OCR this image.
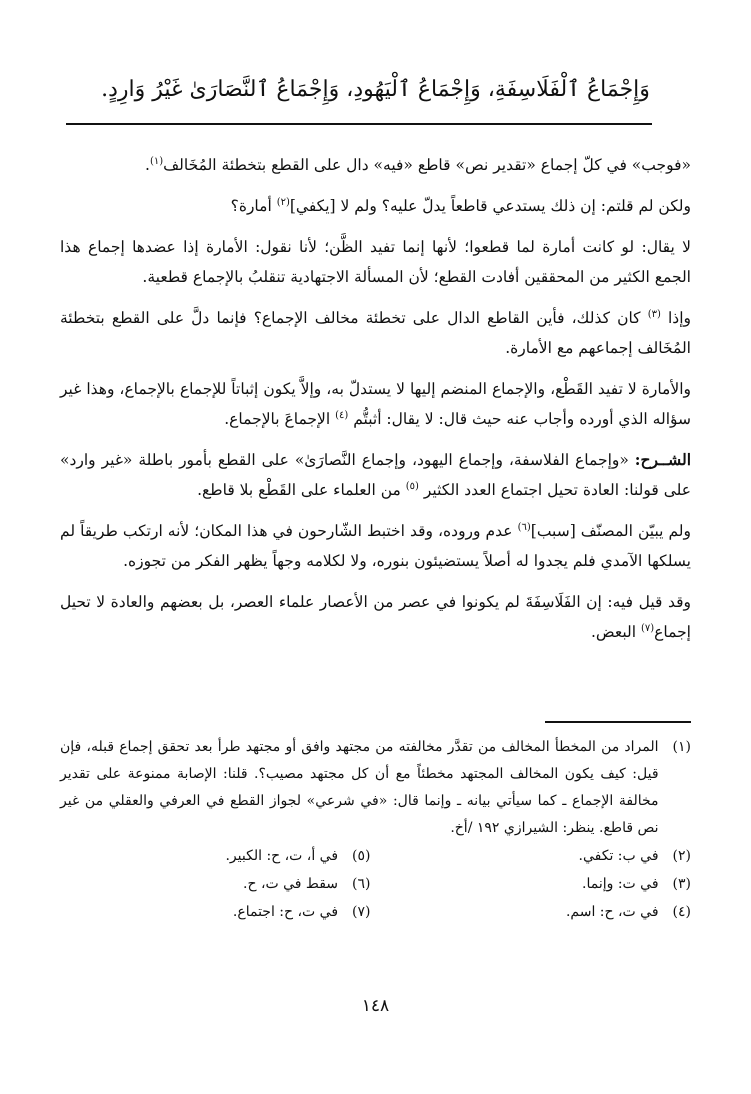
وَإِجْمَاعُ ٱلْفَلَاسِفَةِ، وَإِجْمَاعُ ٱلْيَهُودِ، وَإِجْمَاعُ ٱلنَّصَارَىٰ غَيْرُ وَارِدٍ.

«فوجب» في كلّ إجماع «تقدير نص» قاطع «فيه» دال على القطع بتخطئة المُخَالف$^{(١)}$.

ولكن لم قلتم: إن ذلك يستدعي قاطعاً يدلّ عليه؟ ولم لا [يكفي]$^{(٢)}$ أمارة؟

لا يقال: لو كانت أمارة لما قطعوا؛ لأنها إنما تفيد الظَّن؛ لأنا نقول: الأمارة إذا عضدها إجماع هذا الجمع الكثير من المحققين أفادت القطع؛ لأن المسألة الاجتهادية تنقلبُ بالإجماع قطعية.

وإذا $^{(٣)}$ كان كذلك، فأين القاطع الدال على تخطئة مخالف الإجماع؟ فإنما دلَّ على القطع بتخطئة المُخَالف إجماعهم مع الأمارة.

والأمارة لا تفيد القَطْع، والإجماع المنضم إليها لا يستدلّ به، وإلاَّ يكون إثباتاً للإجماع بالإجماع، وهذا غير سؤاله الذي أورده وأجاب عنه حيث قال: لا يقال: أثبتُّم $^{(٤)}$ الإجماعَ بالإجماع.

الشــرح: «وإجماع الفلاسفة، وإجماع اليهود، وإجماع النَّصارَىٰ» على القطع بأمور باطلة «غير وارد» على قولنا: العادة تحيل اجتماع العدد الكثير $^{(٥)}$ من العلماء على القَطْع بلا قاطع.

ولم يبيّن المصنّف [سبب]$^{(٦)}$ عدم وروده، وقد اختبط الشّارحون في هذا المكان؛ لأنه ارتكب طريقاً لم يسلكها الآمدي فلم يجدوا له أصلاً يستضيئون بنوره، ولا لكلامه وجهاً يظهر الفكر من تجوزه.

وقد قيل فيه: إن الفَلَاسِفَةَ لم يكونوا في عصر من الأعصار علماء العصر، بل بعضهم والعادة لا تحيل إجماع$^{(٧)}$ البعض.

(١)
المراد من المخطأ المخالف من تقدَّر مخالفته من مجتهد وافق أو مجتهد طرأ بعد تحقق إجماع قبله، فإن قيل: كيف يكون المخالف المجتهد مخطئاً مع أن كل مجتهد مصيب؟. قلنا: الإصابة ممنوعة على تقدير مخالفة الإجماع ـ كما سيأتي بيانه ـ وإنما قال: «في شرعي» لجواز القطع في العرفي والعقلي من غير نص قاطع. ينظر: الشيرازي ١٩٢ /أخ.
(٢)
في ب: تكفي.
(٥)
في أ، ت، ح: الكبير.
(٣)
في ت: وإنما.
(٦)
سقط في ت، ح.
(٤)
في ت، ح: اسم.
(٧)
في ت، ح: اجتماع.
١٤٨
